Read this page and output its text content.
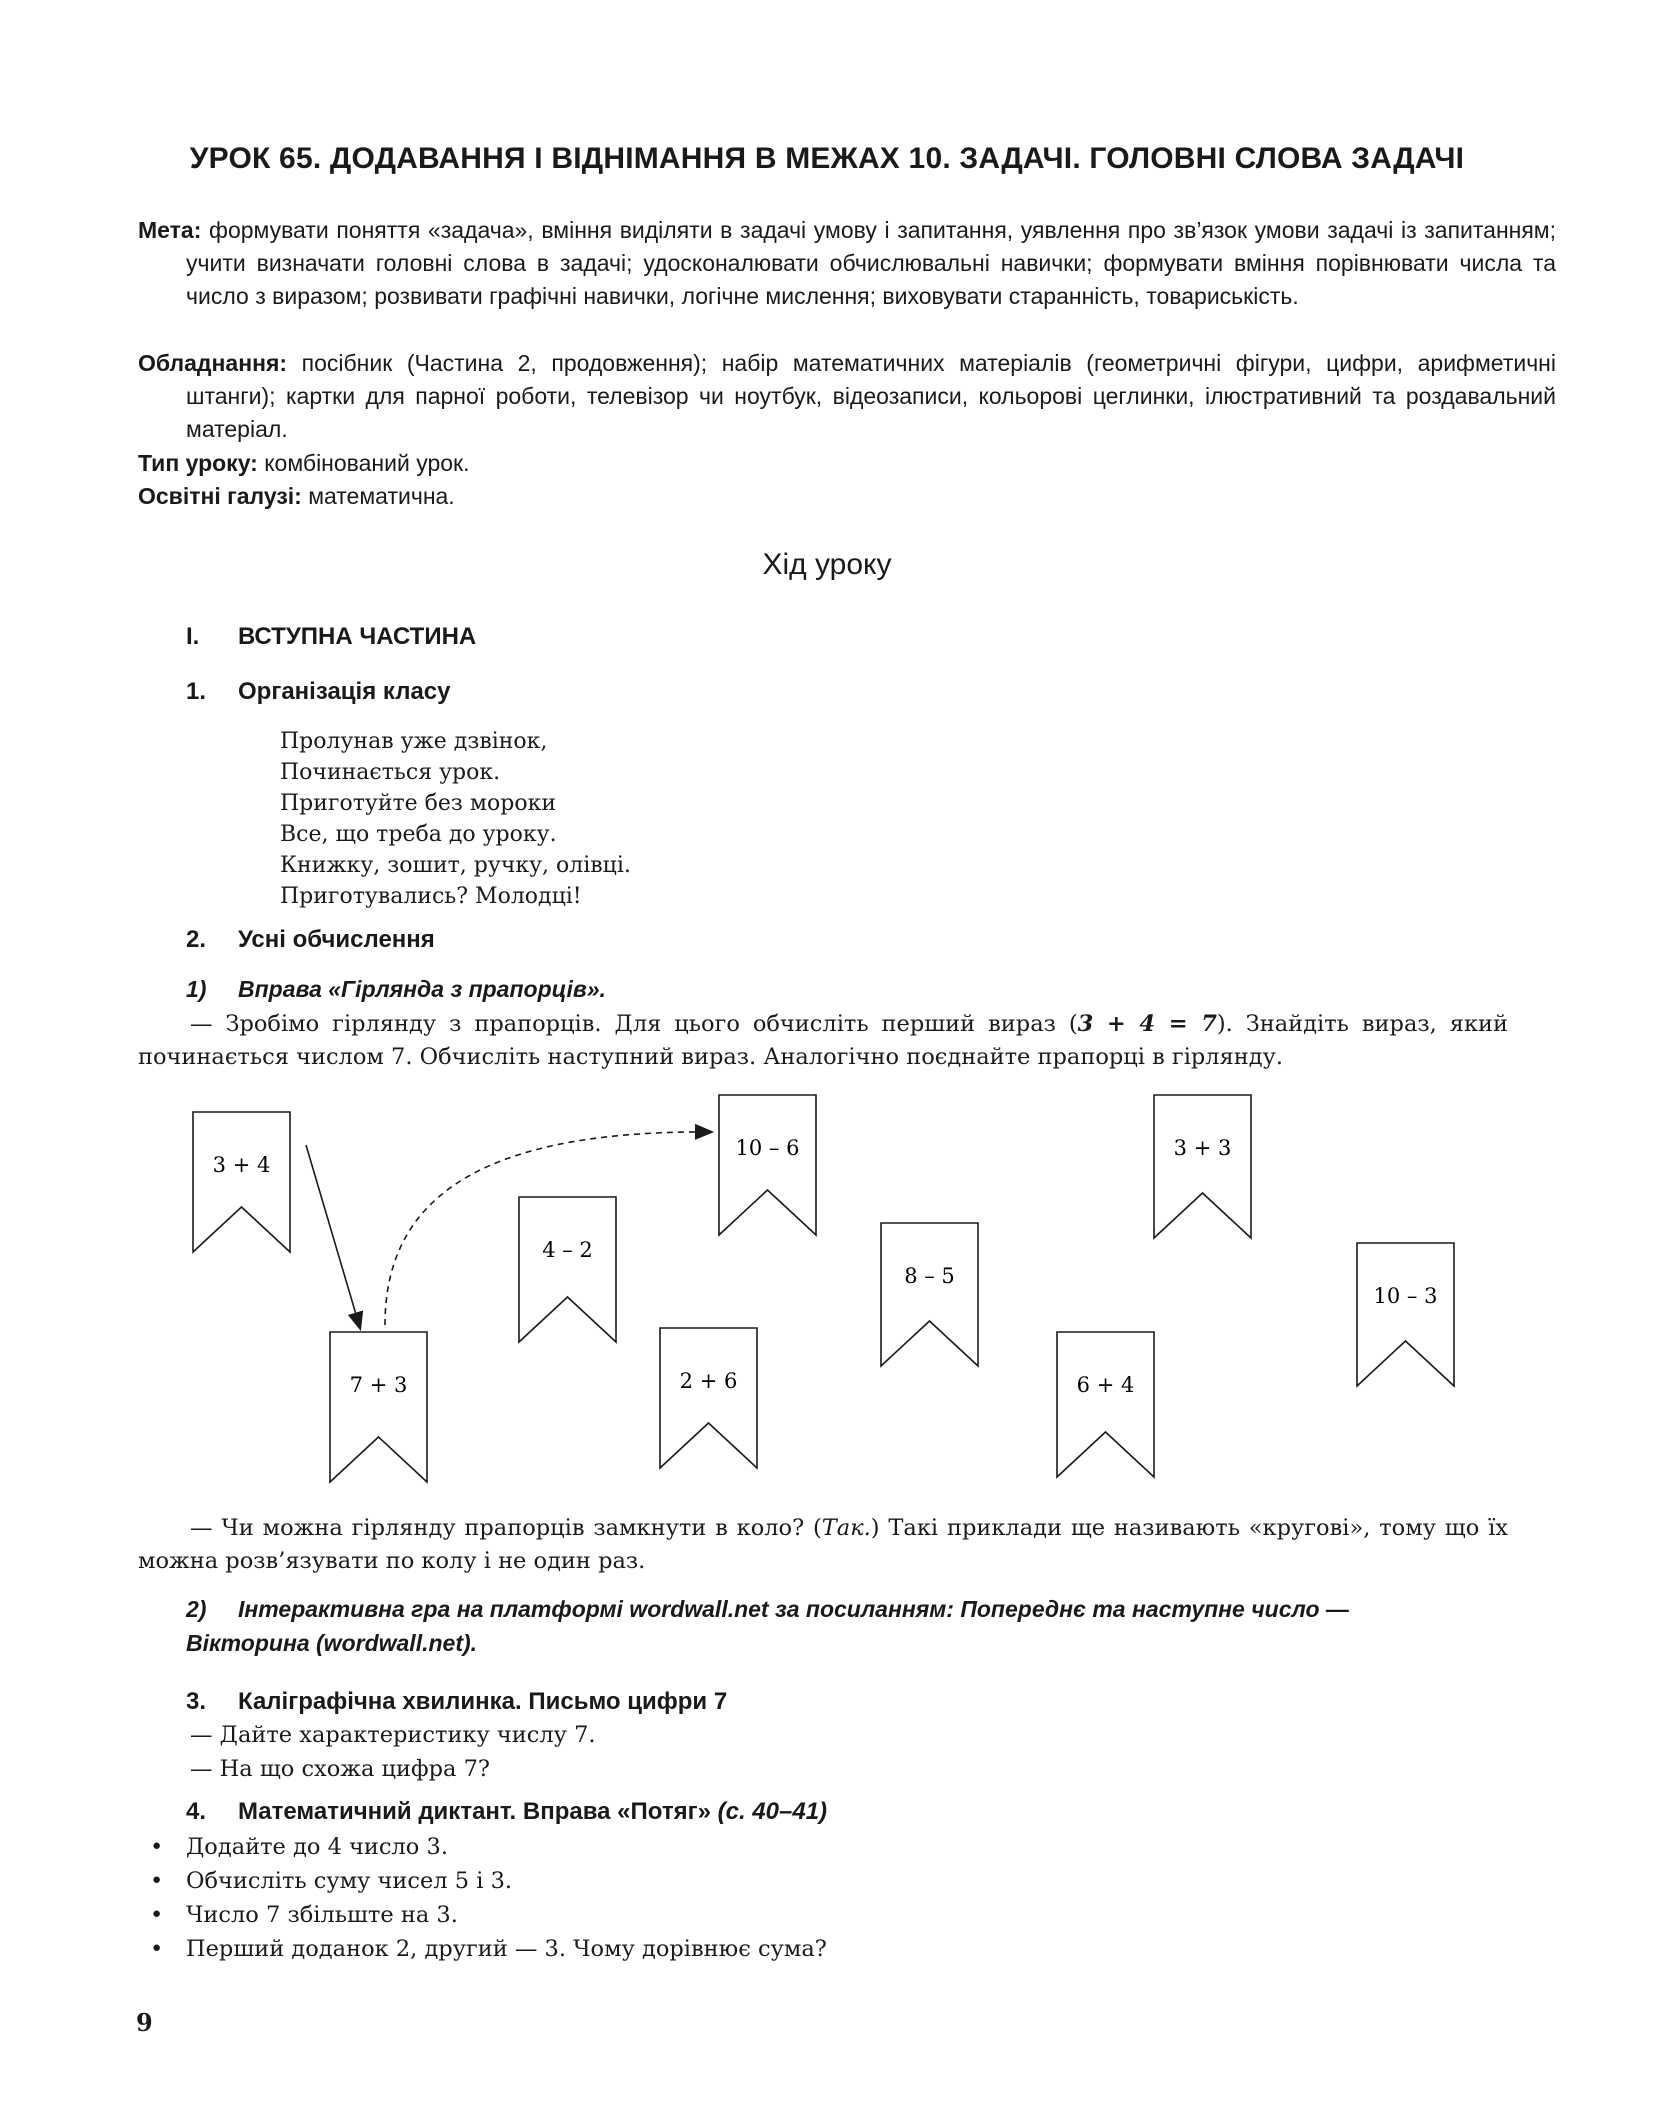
УРОК 65. ДОДАВАННЯ І ВІДНІМАННЯ В МЕЖАХ 10. ЗАДАЧІ. ГОЛОВНІ СЛОВА ЗАДАЧІ
Мета: формувати поняття «задача», вміння виділяти в задачі умову і запитання, уявлення про зв’язок умови задачі із запитанням; учити визначати головні слова в задачі; удосконалювати обчислювальні навички; формувати вміння порівнювати числа та число з виразом; розвивати графічні навички, логічне мислення; виховувати старанність, товариськість.
Обладнання: посібник (Частина 2, продовження); набір математичних матеріалів (геометричні фігури, цифри, арифметичні штанги); картки для парної роботи, телевізор чи ноутбук, відеозаписи, кольорові цеглинки, ілюстративний та роздавальний матеріал.
Тип уроку: комбінований урок.
Освітні галузі: математична.
Хід уроку
I. ВСТУПНА ЧАСТИНА
1. Організація класу
Пролунав уже дзвінок,
Починається урок.
Приготуйте без мороки
Все, що треба до уроку.
Книжку, зошит, ручку, олівці.
Приготувались? Молодці!
2. Усні обчислення
1) Вправа «Гірлянда з прапорців».
— Зробімо гірлянду з прапорців. Для цього обчисліть перший вираз (3 + 4 = 7). Знайдіть вираз, який починається числом 7. Обчисліть наступний вираз. Аналогічно поєднайте прапорці в гірлянду.
3 + 4
7 + 3
4 – 2
2 + 6
10 – 6
8 – 5
6 + 4
3 + 3
10 – 3
— Чи можна гірлянду прапорців замкнути в коло? (Так.) Такі приклади ще називають «кругові», тому що їх можна розв’язувати по колу і не один раз.
2) Інтерактивна гра на платформі wordwall.net за посиланням: Попереднє та наступне число —
Вікторина (wordwall.net).
3. Каліграфічна хвилинка. Письмо цифри 7
— Дайте характеристику числу 7.
— На що схожа цифра 7?
4. Математичний диктант. Вправа «Потяг» (с. 40–41)
• Додайте до 4 число 3.
• Обчисліть суму чисел 5 і 3.
• Число 7 збільште на 3.
• Перший доданок 2, другий — 3. Чому дорівнює сума?
9
